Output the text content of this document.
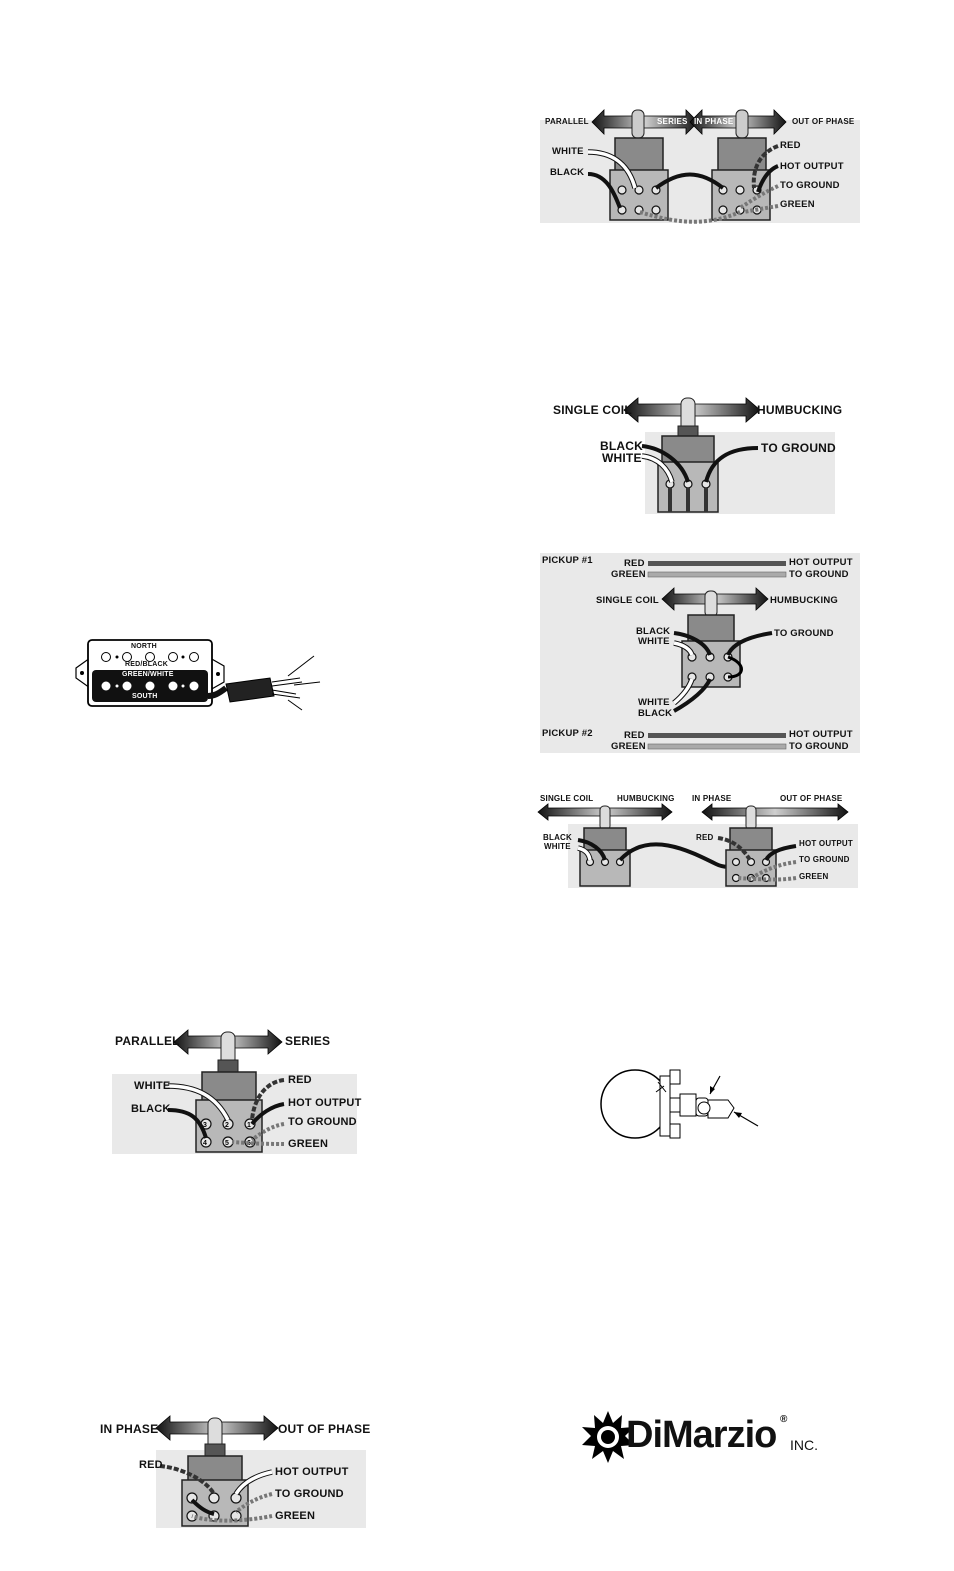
PARALLEL	SERIES IN PHASE	OUT OF PHASE
WHITE
BLACK
RED
HOT OUTPUT
TO GROUND
GREEN
SINGLE COIL	HUMBUCKING
BLACK
WHITE
TO GROUND
PICKUP #1	RED
GREEN
HOT OUTPUT
TO GROUND
SINGLE COIL	HUMBUCKING
BLACK
WHITE
TO GROUND
WHITE
BLACK
PICKUP #2	RED
GREEN
HOT OUTPUT
TO GROUND
NORTH
RED/BLACK
GREEN/WHITE
SOUTH
SINGLE COIL	HUMBUCKING IN PHASE	OUT OF PHASE
BLACK
WHITE
RED
HOT OUTPUT
TO GROUND
GREEN
3	2	1
4	5	6
PARALLEL	SERIES
WHITE
BLACK
RED
HOT OUTPUT
TO GROUND
GREEN
IN PHASE	OUT OF PHASE
RED
HOT OUTPUT
TO GROUND
GREEN
DiMarzio ®
INC.
